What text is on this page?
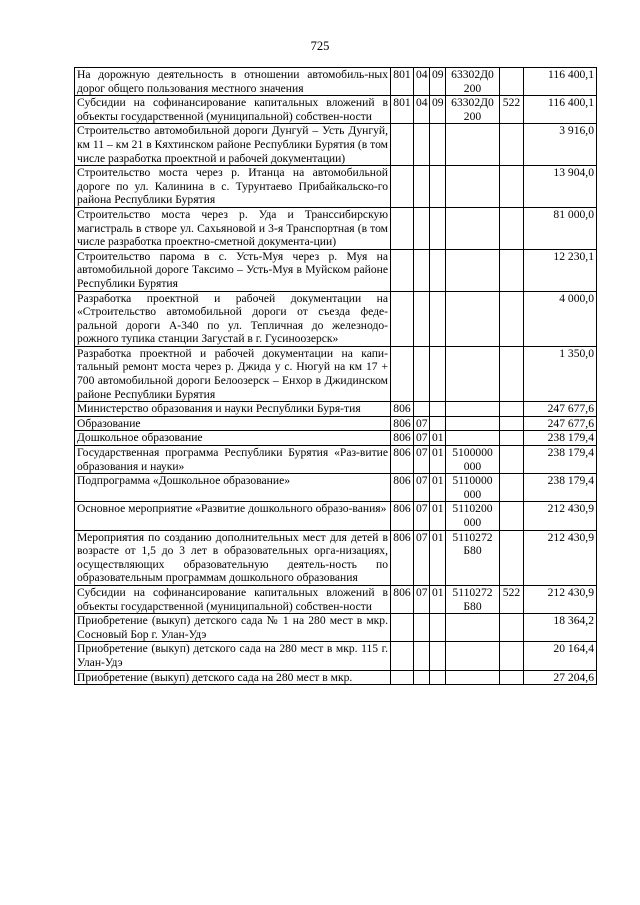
725
На дорожную деятельность в отношении автомобиль-ных дорог общего пользования местного значения	801	04	09	63302Д0 200		116 400,1
Субсидии на софинансирование капитальных вложений в объекты государственной (муниципальной) собствен-ности	801	04	09	63302Д0 200	522	116 400,1
Строительство автомобильной дороги Дунгуй – Усть Дунгуй, км 11 – км 21 в Кяхтинском районе Республики Бурятия (в том числе разработка проектной и рабочей документации)						3 916,0
Строительство моста через р. Итанца на автомобильной дороге по ул. Калинина в с. Турунтаево Прибайкальско-го района Республики Бурятия						13 904,0
Строительство моста через р. Уда и Транссибирскую магистраль в створе ул. Сахьяновой и 3-я Транспортная (в том числе разработка проектно-сметной документа-ции)						81 000,0
Строительство парома в с. Усть-Муя через р. Муя на автомобильной дороге Таксимо – Усть-Муя в Муйском районе Республики Бурятия						12 230,1
Разработка проектной и рабочей документации на «Строительство автомобильной дороги от съезда феде-ральной дороги А-340 по ул. Тепличная до железнодо-рожного тупика станции Загустай в г. Гусиноозерск»						4 000,0
Разработка проектной и рабочей документации на капи-тальный ремонт моста через р. Джида у с. Нюгуй на км 17 + 700 автомобильной дороги Белоозерск – Енхор в Джидинском районе Республики Бурятия						1 350,0
Министерство образования и науки Республики Буря-тия	806					247 677,6
Образование	806	07				247 677,6
Дошкольное образование	806	07	01			238 179,4
Государственная программа Республики Бурятия «Раз-витие образования и науки»	806	07	01	5100000 000		238 179,4
Подпрограмма «Дошкольное образование»	806	07	01	5110000 000		238 179,4
Основное мероприятие «Развитие дошкольного образо-вания»	806	07	01	5110200 000		212 430,9
Мероприятия по созданию дополнительных мест для детей в возрасте от 1,5 до 3 лет в образовательных орга-низациях, осуществляющих образовательную деятель-ность по образовательным программам дошкольного образования	806	07	01	5110272 Б80		212 430,9
Субсидии на софинансирование капитальных вложений в объекты государственной (муниципальной) собствен-ности	806	07	01	5110272 Б80	522	212 430,9
Приобретение (выкуп) детского сада № 1 на 280 мест в мкр. Сосновый Бор г. Улан-Удэ						18 364,2
Приобретение (выкуп) детского сада на 280 мест в мкр. 115 г. Улан-Удэ						20 164,4
Приобретение (выкуп) детского сада на 280 мест в мкр.						27 204,6
